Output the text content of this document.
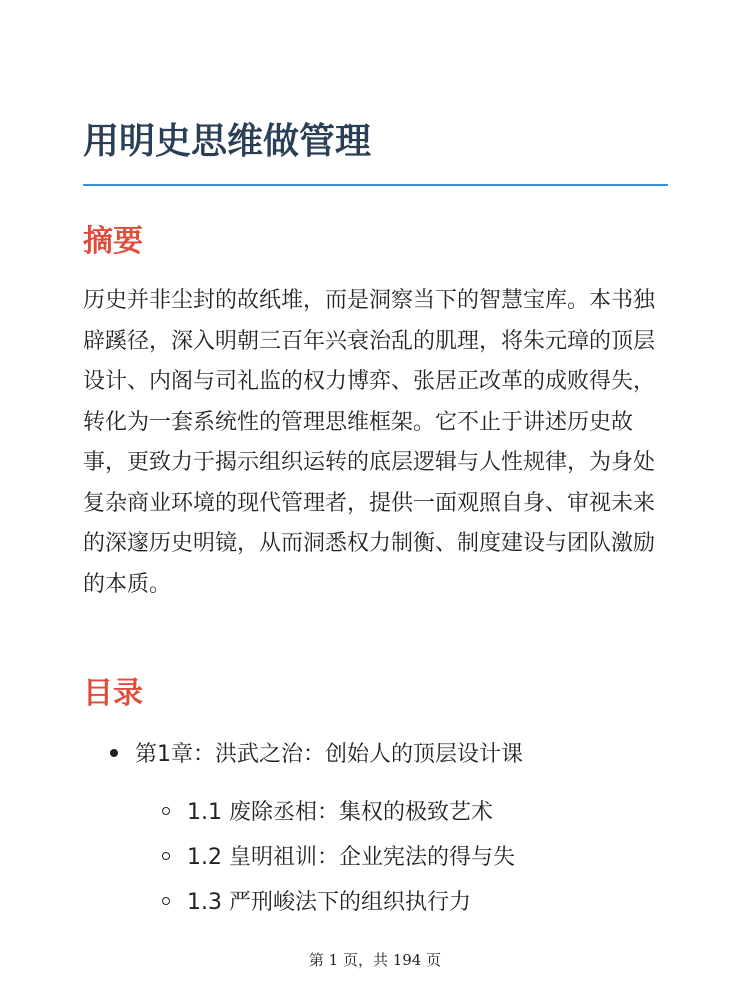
用明史思维做管理
摘要

历史并非尘封的故纸堆，而是洞察当下的智慧宝库。本书独辟蹊径，深入明朝三百年兴衰治乱的肌理，将朱元璋的顶层设计、内阁与司礼监的权力博弈、张居正改革的成败得失，转化为一套系统性的管理思维框架。它不止于讲述历史故事，更致力于揭示组织运转的底层逻辑与人性规律，为身处复杂商业环境的现代管理者，提供一面观照自身、审视未来的深邃历史明镜，从而洞悉权力制衡、制度建设与团队激励的本质。

目录
第1章：洪武之治：创始人的顶层设计课
1.1 废除丞相：集权的极致艺术
1.2 皇明祖训：企业宪法的得与失
1.3 严刑峻法下的组织执行力
第 1 页，共 194 页
